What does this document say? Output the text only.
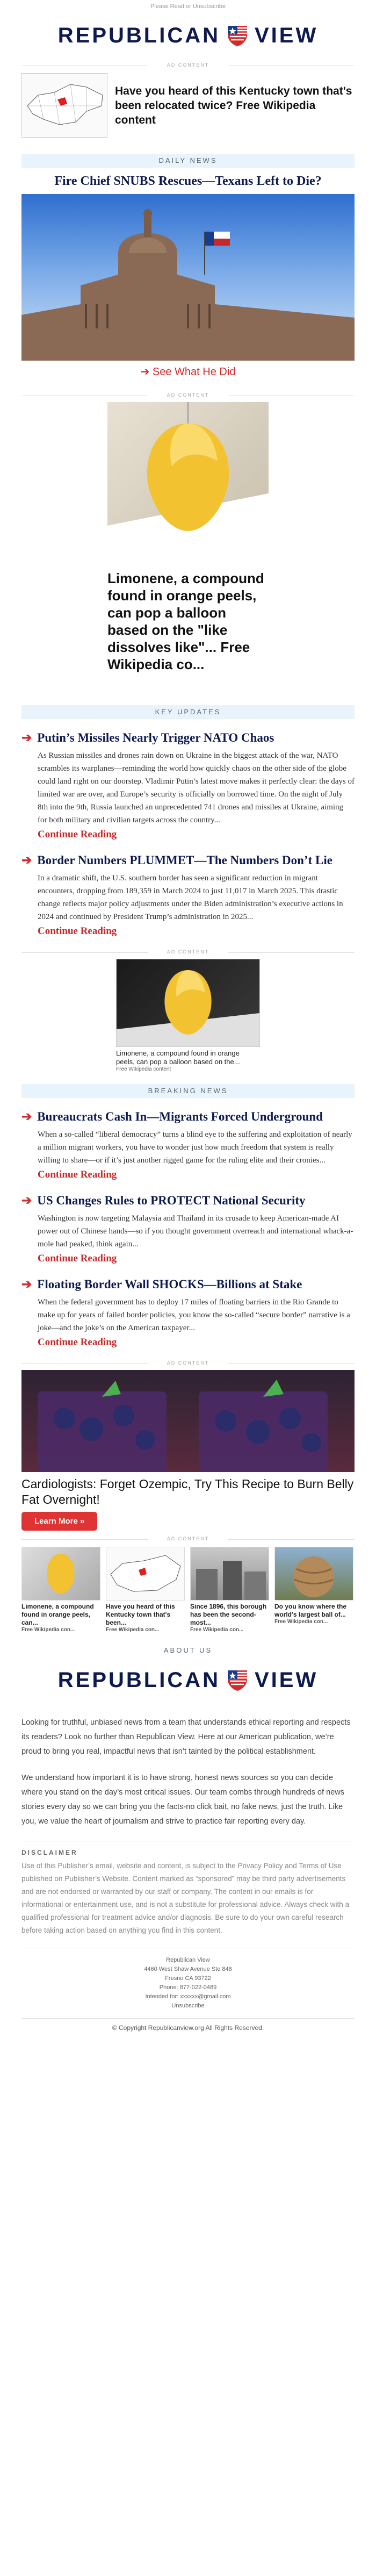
Please Read or Unsubscribe
REPUBLICAN VIEW
AD CONTENT
Have you heard of this Kentucky town that's been relocated twice? Free Wikipedia content
DAILY NEWS
Fire Chief SNUBS Rescues—Texans Left to Die?
➔ See What He Did
AD CONTENT
Limonene, a compound found in orange peels, can pop a balloon based on the "like dissolves like"... Free Wikipedia co...
KEY UPDATES
➔ Putin’s Missiles Nearly Trigger NATO Chaos
As Russian missiles and drones rain down on Ukraine in the biggest attack of the war, NATO scrambles its warplanes—reminding the world how quickly chaos on the other side of the globe could land right on our doorstep. Vladimir Putin’s latest move makes it perfectly clear: the days of limited war are over, and Europe’s security is officially on borrowed time. On the night of July 8th into the 9th, Russia launched an unprecedented 741 drones and missiles at Ukraine, aiming for both military and civilian targets across the country...
Continue Reading
➔ Border Numbers PLUMMET—The Numbers Don’t Lie
In a dramatic shift, the U.S. southern border has seen a significant reduction in migrant encounters, dropping from 189,359 in March 2024 to just 11,017 in March 2025. This drastic change reflects major policy adjustments under the Biden administration’s executive actions in 2024 and continued by President Trump’s administration in 2025...
Continue Reading
AD CONTENT
Limonene, a compound found in orange peels, can pop a balloon based on the...
Free Wikipedia content
BREAKING NEWS
➔ Bureaucrats Cash In—Migrants Forced Underground
When a so-called “liberal democracy” turns a blind eye to the suffering and exploitation of nearly a million migrant workers, you have to wonder just how much freedom that system is really willing to share—or if it’s just another rigged game for the ruling elite and their cronies...
Continue Reading
➔ US Changes Rules to PROTECT National Security
Washington is now targeting Malaysia and Thailand in its crusade to keep American-made AI power out of Chinese hands—so if you thought government overreach and international whack-a-mole had peaked, think again...
Continue Reading
➔ Floating Border Wall SHOCKS—Billions at Stake
When the federal government has to deploy 17 miles of floating barriers in the Rio Grande to make up for years of failed border policies, you know the so-called “secure border” narrative is a joke—and the joke’s on the American taxpayer...
Continue Reading
AD CONTENT
Cardiologists: Forget Ozempic, Try This Recipe to Burn Belly Fat Overnight!
Learn More »
AD CONTENT
Limonene, a compound found in orange peels, can...
Free Wikipedia con...
Have you heard of this Kentucky town that's been...
Free Wikipedia con...
Since 1896, this borough has been the second-most...
Free Wikipedia con...
Do you know where the world's largest ball of...
Free Wikipedia con...
ABOUT US
REPUBLICAN VIEW

Looking for truthful, unbiased news from a team that understands ethical reporting and respects its readers? Look no further than Republican View. Here at our American publication, we’re proud to bring you real, impactful news that isn’t tainted by the political establishment.

We understand how important it is to have strong, honest news sources so you can decide where you stand on the day’s most critical issues. Our team combs through hundreds of news stories every day so we can bring you the facts-no click bait, no fake news, just the truth. Like you, we value the heart of journalism and strive to practice fair reporting every day.

DISCLAIMER

Use of this Publisher’s email, website and content, is subject to the Privacy Policy and Terms of Use published on Publisher’s Website. Content marked as “sponsored” may be third party advertisements and are not endorsed or warranted by our staff or company. The content in our emails is for informational or entertainment use, and is not a substitute for professional advice. Always check with a qualified professional for treatment advice and/or diagnosis. Be sure to do your own careful research before taking action based on anything you find in this content.

Republican View
4460 West Shaw Avenue Ste 848
Fresno CA 93722
Phone: 877-022-0489
Intended for: xxxxxx@gmail.com
Unsubscribe
© Copyright Republicanview.org All Rights Reserved.
